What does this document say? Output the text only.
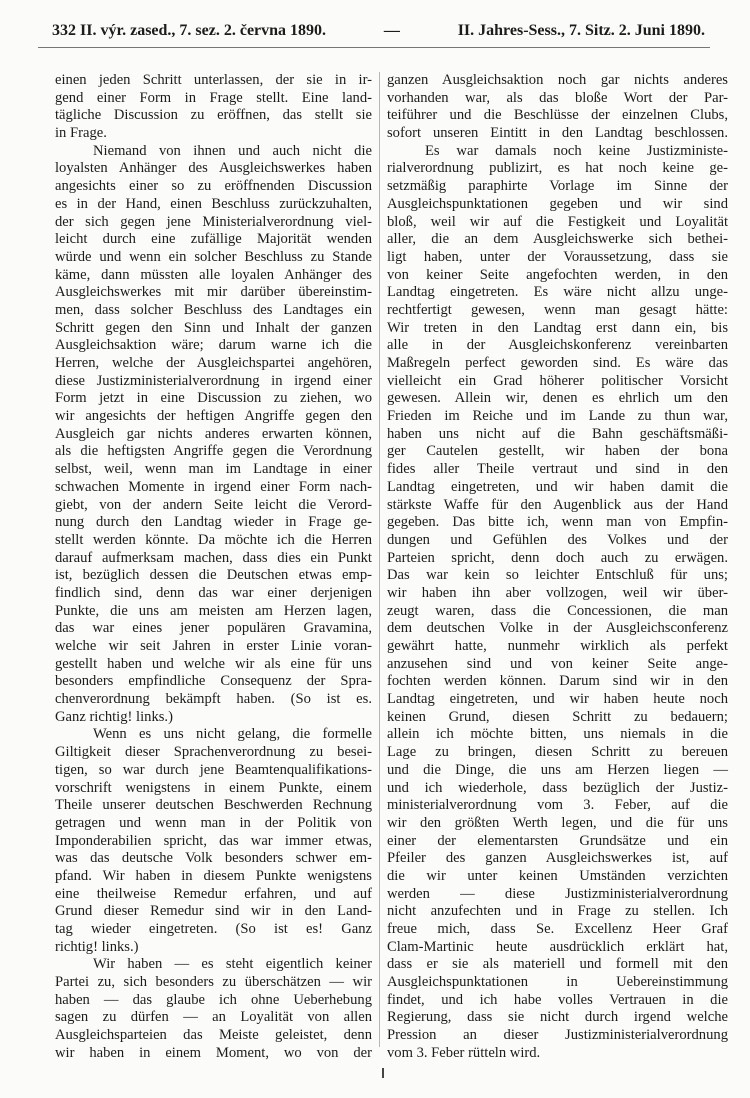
332 II. výr. zased., 7. sez. 2. června 1890.	—	II. Jahres-Sess., 7. Sitz. 2. Juni 1890.
einen jeden Schritt unterlassen, der sie in ir-
gend einer Form in Frage stellt. Eine land-
tägliche Discussion zu eröffnen, das stellt sie
in Frage.
Niemand von ihnen und auch nicht die
loyalsten Anhänger des Ausgleichswerkes haben
angesichts einer so zu eröffnenden Discussion
es in der Hand, einen Beschluss zurückzuhalten,
der sich gegen jene Ministerialverordnung viel-
leicht durch eine zufällige Majorität wenden
würde und wenn ein solcher Beschluss zu Stande
käme, dann müssten alle loyalen Anhänger des
Ausgleichswerkes mit mir darüber übereinstim-
men, dass solcher Beschluss des Landtages ein
Schritt gegen den Sinn und Inhalt der ganzen
Ausgleichsaktion wäre; darum warne ich die
Herren, welche der Ausgleichspartei angehören,
diese Justizministerialverordnung in irgend einer
Form jetzt in eine Discussion zu ziehen, wo
wir angesichts der heftigen Angriffe gegen den
Ausgleich gar nichts anderes erwarten können,
als die heftigsten Angriffe gegen die Verordnung
selbst, weil, wenn man im Landtage in einer
schwachen Momente in irgend einer Form nach-
giebt, von der andern Seite leicht die Verord-
nung durch den Landtag wieder in Frage ge-
stellt werden könnte. Da möchte ich die Herren
darauf aufmerksam machen, dass dies ein Punkt
ist, bezüglich dessen die Deutschen etwas emp-
findlich sind, denn das war einer derjenigen
Punkte, die uns am meisten am Herzen lagen,
das war eines jener populären Gravamina,
welche wir seit Jahren in erster Linie voran-
gestellt haben und welche wir als eine für uns
besonders empfindliche Consequenz der Spra-
chenverordnung bekämpft haben. (So ist es.
Ganz richtig! links.)
Wenn es uns nicht gelang, die formelle
Giltigkeit dieser Sprachenverordnung zu besei-
tigen, so war durch jene Beamtenqualifikations-
vorschrift wenigstens in einem Punkte, einem
Theile unserer deutschen Beschwerden Rechnung
getragen und wenn man in der Politik von
Imponderabilien spricht, das war immer etwas,
was das deutsche Volk besonders schwer em-
pfand. Wir haben in diesem Punkte wenigstens
eine theilweise Remedur erfahren, und auf
Grund dieser Remedur sind wir in den Land-
tag wieder eingetreten. (So ist es! Ganz
richtig! links.)
Wir haben — es steht eigentlich keiner
Partei zu, sich besonders zu überschätzen — wir
haben — das glaube ich ohne Ueberhebung
sagen zu dürfen — an Loyalität von allen
Ausgleichsparteien das Meiste geleistet, denn
wir haben in einem Moment, wo von der
ganzen Ausgleichsaktion noch gar nichts anderes
vorhanden war, als das bloße Wort der Par-
teiführer und die Beschlüsse der einzelnen Clubs,
sofort unseren Eintitt in den Landtag beschlossen.
Es war damals noch keine Justizministe-
rialverordnung publizirt, es hat noch keine ge-
setzmäßig paraphirte Vorlage im Sinne der
Ausgleichspunktationen gegeben und wir sind
bloß, weil wir auf die Festigkeit und Loyalität
aller, die an dem Ausgleichswerke sich bethei-
ligt haben, unter der Voraussetzung, dass sie
von keiner Seite angefochten werden, in den
Landtag eingetreten. Es wäre nicht allzu unge-
rechtfertigt gewesen, wenn man gesagt hätte:
Wir treten in den Landtag erst dann ein, bis
alle in der Ausgleichskonferenz vereinbarten
Maßregeln perfect geworden sind. Es wäre das
vielleicht ein Grad höherer politischer Vorsicht
gewesen. Allein wir, denen es ehrlich um den
Frieden im Reiche und im Lande zu thun war,
haben uns nicht auf die Bahn geschäftsmäßi-
ger Cautelen gestellt, wir haben der bona
fides aller Theile vertraut und sind in den
Landtag eingetreten, und wir haben damit die
stärkste Waffe für den Augenblick aus der Hand
gegeben. Das bitte ich, wenn man von Empfin-
dungen und Gefühlen des Volkes und der
Parteien spricht, denn doch auch zu erwägen.
Das war kein so leichter Entschluß für uns;
wir haben ihn aber vollzogen, weil wir über-
zeugt waren, dass die Concessionen, die man
dem deutschen Volke in der Ausgleichsconferenz
gewährt hatte, nunmehr wirklich als perfekt
anzusehen sind und von keiner Seite ange-
fochten werden können. Darum sind wir in den
Landtag eingetreten, und wir haben heute noch
keinen Grund, diesen Schritt zu bedauern;
allein ich möchte bitten, uns niemals in die
Lage zu bringen, diesen Schritt zu bereuen
und die Dinge, die uns am Herzen liegen —
und ich wiederhole, dass bezüglich der Justiz-
ministerialverordnung vom 3. Feber, auf die
wir den größten Werth legen, und die für uns
einer der elementarsten Grundsätze und ein
Pfeiler des ganzen Ausgleichswerkes ist, auf
die wir unter keinen Umständen verzichten
werden — diese Justizministerialverordnung
nicht anzufechten und in Frage zu stellen. Ich
freue mich, dass Se. Excellenz Heer Graf
Clam-Martinic heute ausdrücklich erklärt hat,
dass er sie als materiell und formell mit den
Ausgleichspunktationen in Uebereinstimmung
findet, und ich habe volles Vertrauen in die
Regierung, dass sie nicht durch irgend welche
Pression an dieser Justizministerialverordnung
vom 3. Feber rütteln wird.
